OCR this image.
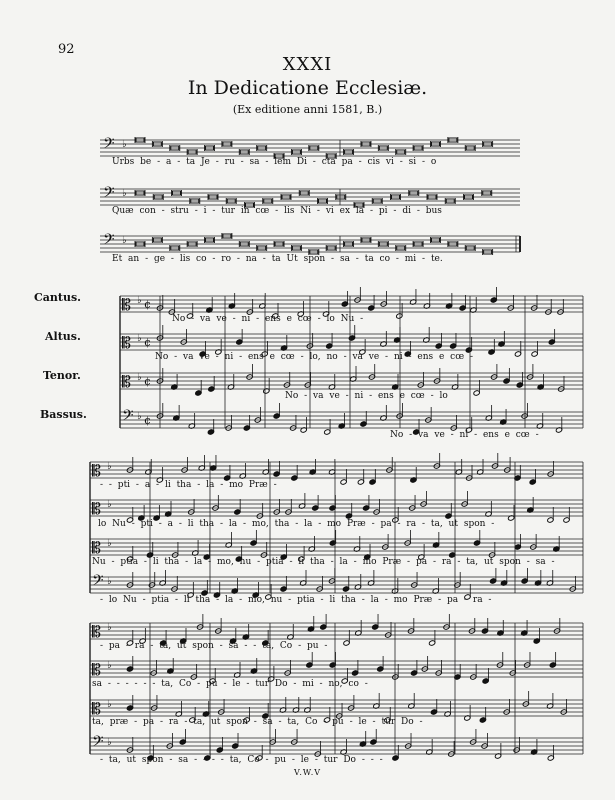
92
XXXI
In Dedicatione Ecclesiæ.
(Ex editione anni 1581, B.)
𝄢 ♭
𝄢 ♭
𝄢 ♭
𝄡 ♭ ¢
𝄡 ♭ ¢
𝄡 ♭ ¢
𝄢 ♭ ¢
𝄡 ♭
𝄡 ♭
𝄡 ♭
𝄢 ♭
𝄡 ♭
𝄡 ♭
𝄡 ♭
𝄢 ♭
Urbs be - a - ta Je - ru - sa - lem Di - cta pa - cis vi - si - o
Quæ con - stru - i - tur in cœ - lis Ni - vi ex la - pi - di - bus
Et an - ge - lis co - ro - na - ta Ut spon - sa - ta co - mi - te.
Cantus.
Altus.
Tenor.
Bassus.
No - va ve - ni - ens e cœ - lo Nu -
No - va ve - ni - ens e cœ - lo, no - va ve - ni - ens e cœ -
No - va ve - ni - ens e cœ - lo
No - va ve - ni - ens e cœ -
- - pti - a - li tha - la - mo Præ -
lo Nu - pti - a - li tha - la - mo, tha - la - mo Præ - pa - ra - ta, ut spon -
Nu - ptia - li tha - la - mo, nu - ptia - li tha - la - mo Præ - pa - ra - ta, ut spon - sa -
- lo Nu - ptia - li tha - la - mo, nu - ptia - li tha - la - mo Præ - pa - ra -
- pa - ra - ta, ut spon - sa - - ta, Co - pu -
sa - - - - - - ta, Co - pu - le - tur Do - mi - no, co -
ta, præ - pa - ra - ta, ut spon - sa - ta, Co - pu - le - tur Do -
- ta, ut spon - sa - - - - ta, Co - pu - le - tur Do - - -
V.W.V
